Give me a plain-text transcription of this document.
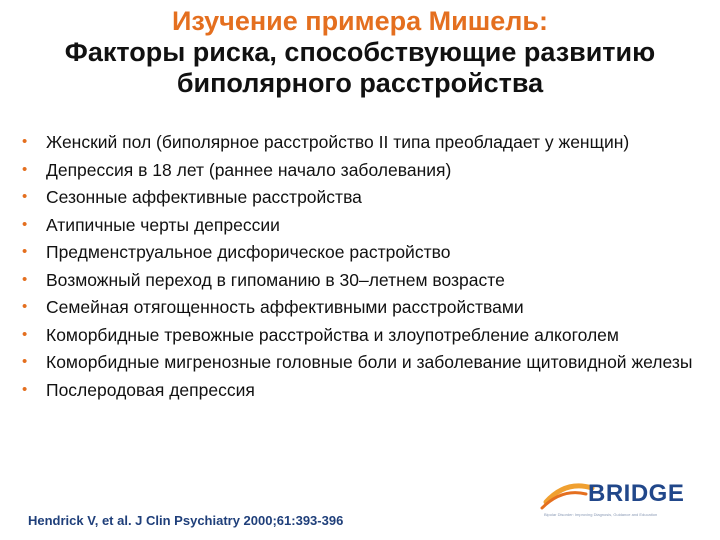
Изучение примера Мишель:
Факторы риска, способствующие развитию
биполярного расстройства
• Женский пол (биполярное расстройство II типа преобладает у женщин)
• Депрессия в 18 лет (раннее начало заболевания)
• Сезонные аффективные расстройства
• Атипичные черты депрессии
• Предменструальное дисфорическое растройство
• Возможный переход в гипоманию в 30–летнем возрасте
• Семейная отягощенность аффективными расстройствами
• Коморбидные тревожные расстройства и злоупотребление алкоголем
• Коморбидные мигренозные головные боли и заболевание щитовидной железы
• Послеродовая депрессия
Hendrick V, et al. J Clin Psychiatry 2000;61:393-396
BRIDGE
Bipolar Disorder: Improving Diagnosis, Guidance and Education
